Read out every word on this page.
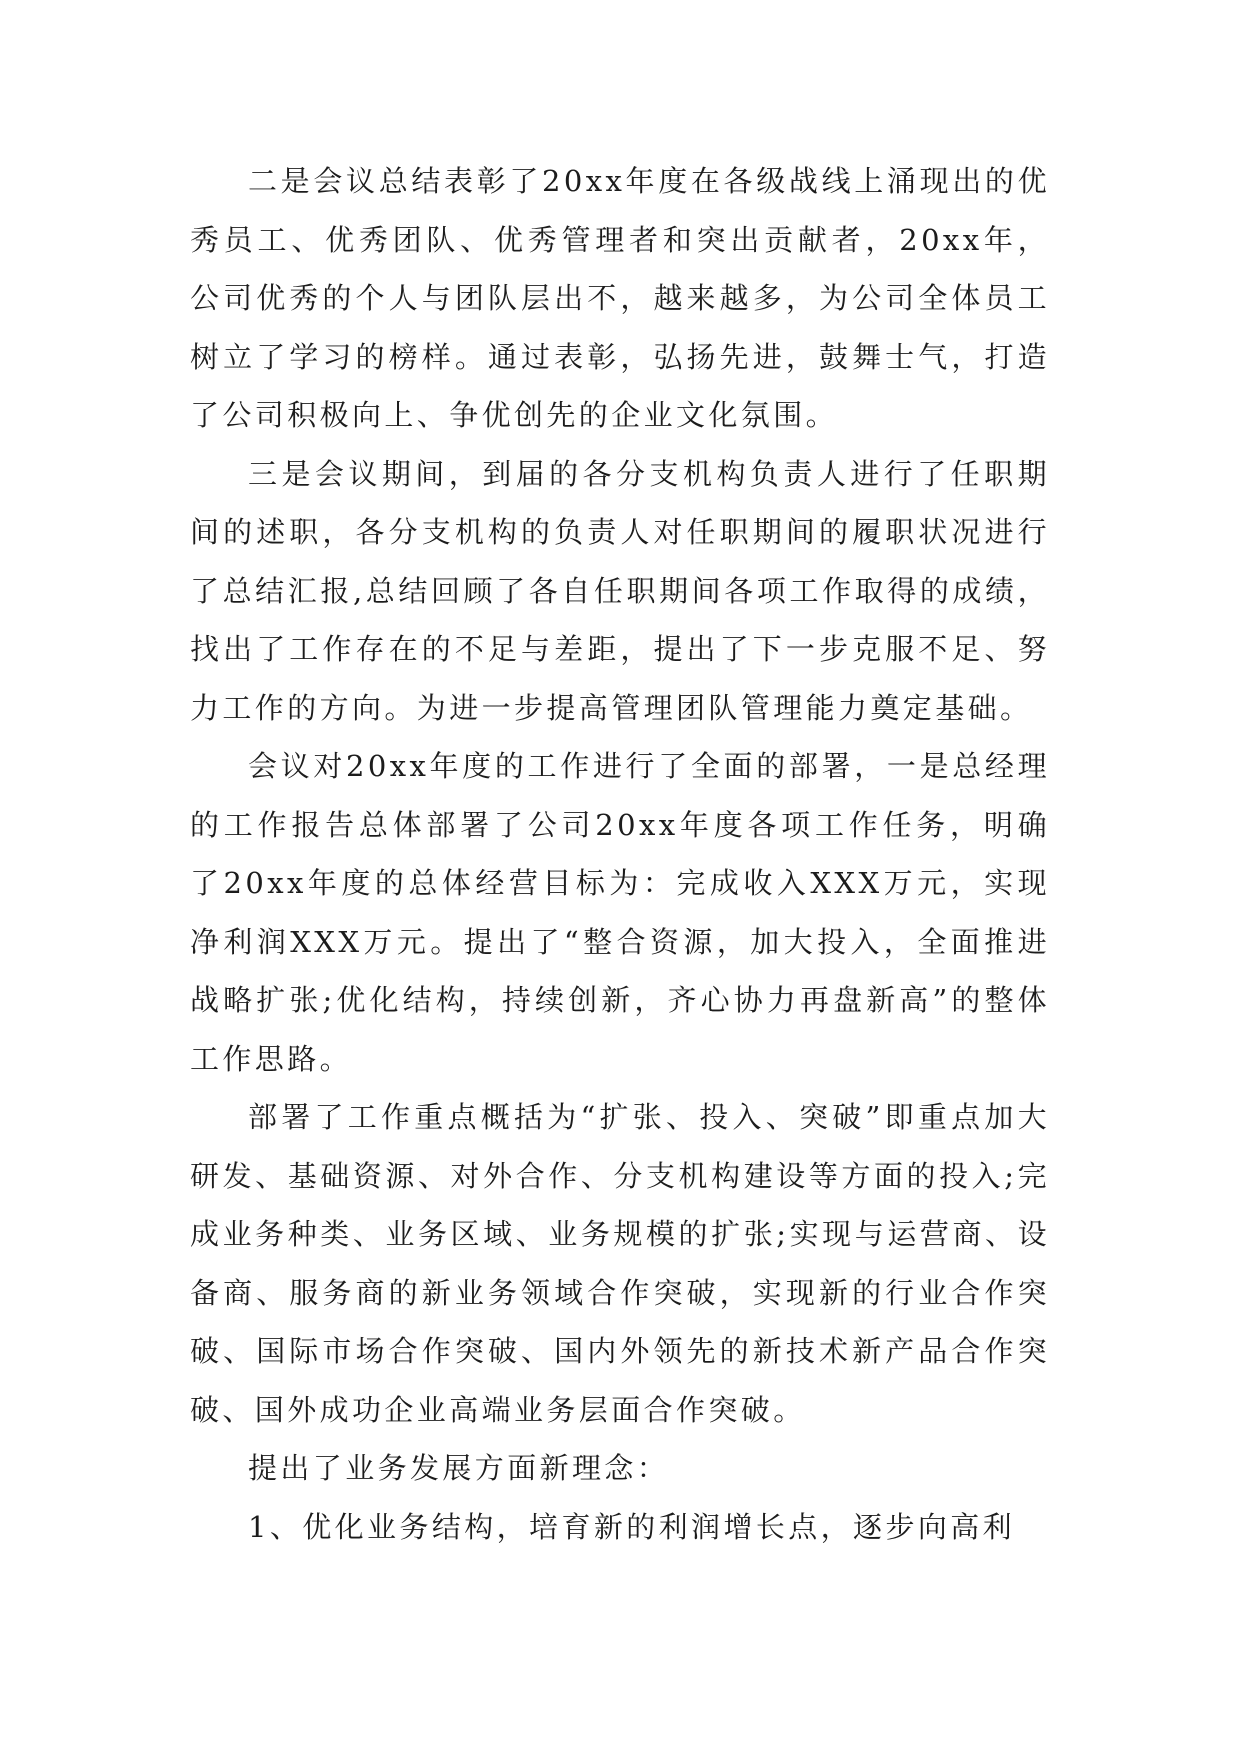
二是会议总结表彰了20xx年度在各级战线上涌现出的优秀员工、优秀团队、优秀管理者和突出贡献者，20xx年，公司优秀的个人与团队层出不，越来越多，为公司全体员工树立了学习的榜样。通过表彰，弘扬先进，鼓舞士气，打造了公司积极向上、争优创先的企业文化氛围。

三是会议期间，到届的各分支机构负责人进行了任职期间的述职，各分支机构的负责人对任职期间的履职状况进行了总结汇报,总结回顾了各自任职期间各项工作取得的成绩，找出了工作存在的不足与差距，提出了下一步克服不足、努力工作的方向。为进一步提高管理团队管理能力奠定基础。

会议对20xx年度的工作进行了全面的部署，一是总经理的工作报告总体部署了公司20xx年度各项工作任务，明确了20xx年度的总体经营目标为：完成收入XXX万元，实现净利润XXX万元。提出了“整合资源，加大投入，全面推进战略扩张;优化结构，持续创新，齐心协力再盘新高”的整体工作思路。

部署了工作重点概括为“扩张、投入、突破”即重点加大研发、基础资源、对外合作、分支机构建设等方面的投入;完成业务种类、业务区域、业务规模的扩张;实现与运营商、设备商、服务商的新业务领域合作突破，实现新的行业合作突破、国际市场合作突破、国内外领先的新技术新产品合作突破、国外成功企业高端业务层面合作突破。

提出了业务发展方面新理念：

1、优化业务结构，培育新的利润增长点，逐步向高利
